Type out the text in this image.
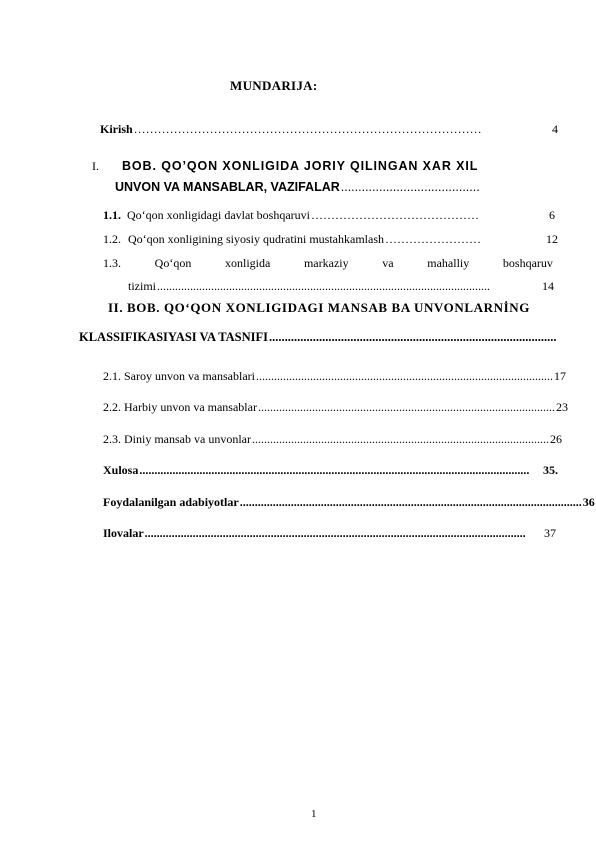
MUNDARIJA:
Kirish ……………………………………………………………………………	4
I. BOB. QO’QON XONLIGIDA JORIY QILINGAN XAR XIL
UNVON VA MANSABLAR, VAZIFALAR ........................................
1.1. Qo‘qon xonligidagi davlat boshqaruvi ……………………………………	6
1.2. Qo‘qon xonligining siyosiy qudratini mustahkamlash ……………………	12
1.3.	Qo‘qon	xonligida	markaziy	va	mahalliy	boshqaruv
tizimi ...............................................................................................................	14
II. BOB. QO‘QON XONLIGIDAGI MANSAB BA UNVONLARNİNG
KLASSIFIKASIYASI VA TASNIFI ............................................................................................
2.1. Saroy unvon va mansablari ................................................................................................... 17
2.2. Harbiy unvon va mansablar ................................................................................................... 23
2.3. Diniy mansab va unvonlar ................................................................................................... 26
Xulosa ..................................................................................................................................	35.
Foydalanilgan adabiyotlar .................................................................................................................. 36
Ilovalar ...............................................................................................................................	37
1
